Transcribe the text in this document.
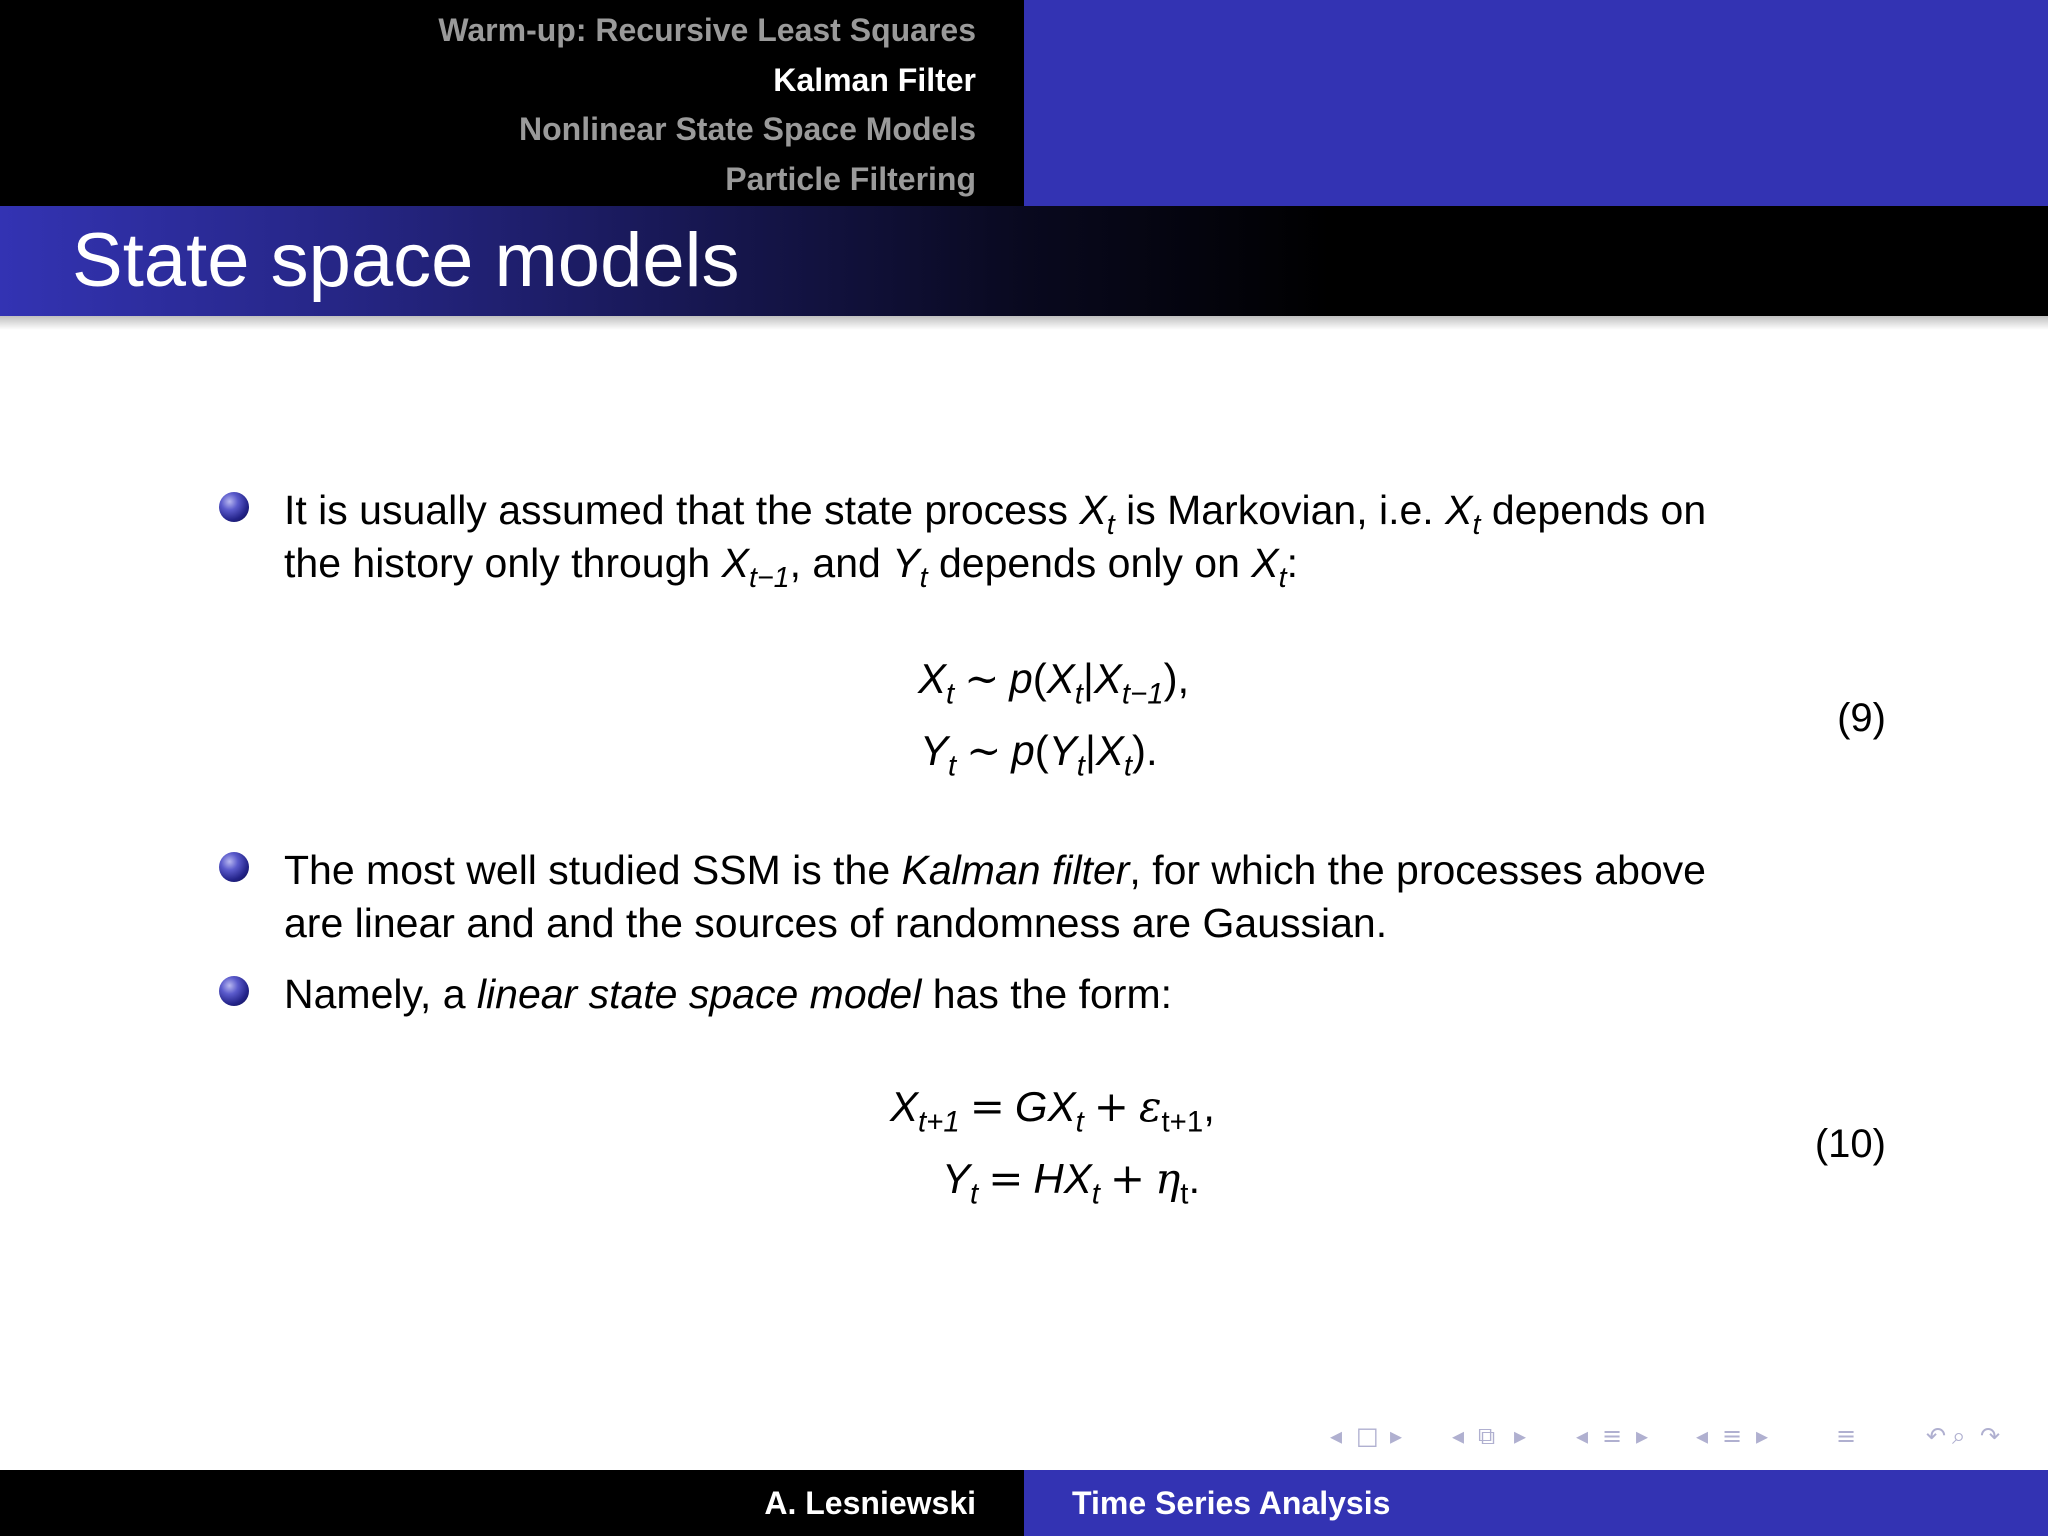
Warm-up: Recursive Least Squares
Kalman Filter
Nonlinear State Space Models
Particle Filtering
State space models
It is usually assumed that the state process $X_t$ is Markovian, i.e. $X_t$ depends on
the history only through $X_{t-1}$, and $Y_t$ depends only on $X_t$:
$X_t$ ∼ $p(X_t|X_{t-1})$,
$Y_t$ ∼ $p(Y_t|X_t)$.
(9)
The most well studied SSM is the Kalman filter, for which the processes above
are linear and and the sources of randomness are Gaussian.
Namely, a linear state space model has the form:
$X_{t+1} = GX_t + \varepsilon_{t+1}$,
$Y_t = HX_t + \eta_t$.
(10)
◂ □ ▸ ◂ ⧉ ▸ ◂ ≡ ▸ ◂ ≡ ▸	≡	↶ ⌕ ↷
A. Lesniewski	Time Series Analysis
